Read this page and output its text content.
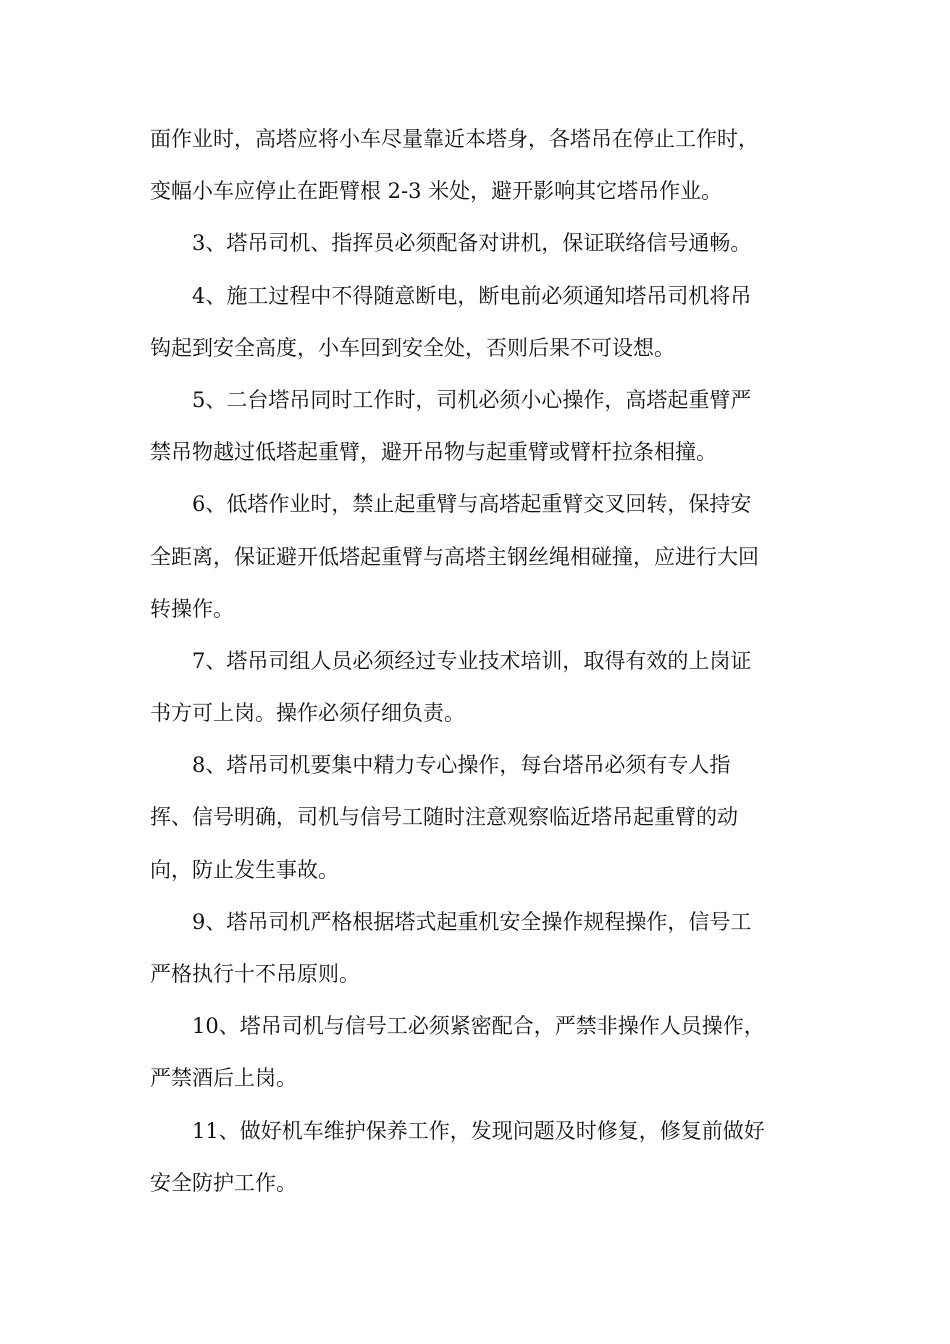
面作业时，高塔应将小车尽量靠近本塔身，各塔吊在停止工作时，
变幅小车应停止在距臂根 2-3 米处，避开影响其它塔吊作业。
3、塔吊司机、指挥员必须配备对讲机，保证联络信号通畅。
4、施工过程中不得随意断电，断电前必须通知塔吊司机将吊
钩起到安全高度，小车回到安全处，否则后果不可设想。
5、二台塔吊同时工作时，司机必须小心操作，高塔起重臂严
禁吊物越过低塔起重臂，避开吊物与起重臂或臂杆拉条相撞。
6、低塔作业时，禁止起重臂与高塔起重臂交叉回转，保持安
全距离，保证避开低塔起重臂与高塔主钢丝绳相碰撞，应进行大回
转操作。
7、塔吊司组人员必须经过专业技术培训，取得有效的上岗证
书方可上岗。操作必须仔细负责。
8、塔吊司机要集中精力专心操作，每台塔吊必须有专人指
挥、信号明确，司机与信号工随时注意观察临近塔吊起重臂的动
向，防止发生事故。
9、塔吊司机严格根据塔式起重机安全操作规程操作，信号工
严格执行十不吊原则。
10、塔吊司机与信号工必须紧密配合，严禁非操作人员操作，
严禁酒后上岗。
11、做好机车维护保养工作，发现问题及时修复，修复前做好
安全防护工作。
